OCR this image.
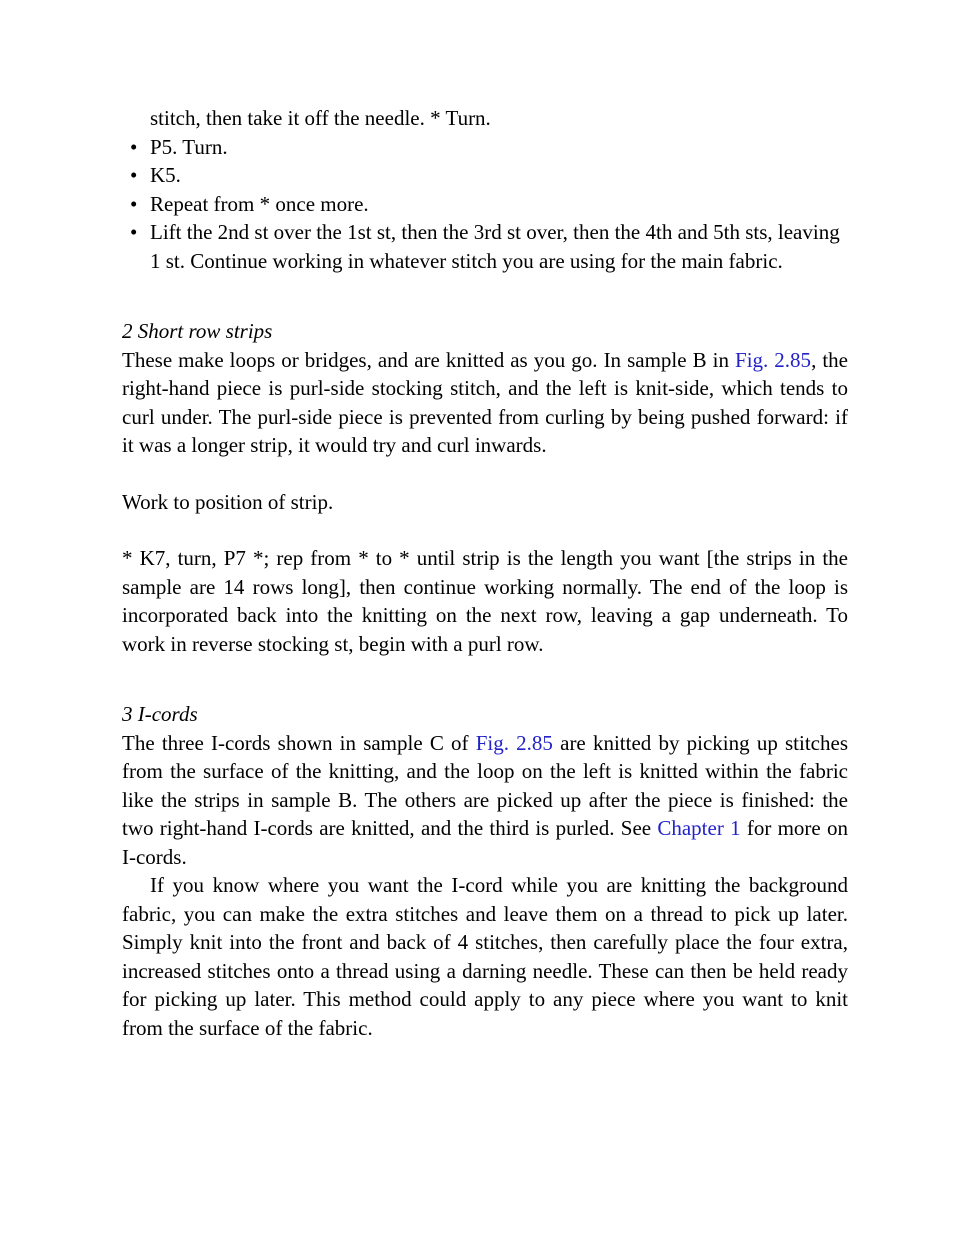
stitch, then take it off the needle. * Turn.

• P5. Turn.
• K5.
• Repeat from * once more.
• Lift the 2nd st over the 1st st, then the 3rd st over, then the 4th and 5th sts, leaving 1 st. Continue working in whatever stitch you are using for the main fabric.
2 Short row strips

These make loops or bridges, and are knitted as you go. In sample B in Fig. 2.85, the right-hand piece is purl-side stocking stitch, and the left is knit-side, which tends to curl under. The purl-side piece is prevented from curling by being pushed forward: if it was a longer strip, it would try and curl inwards.

Work to position of strip.

* K7, turn, P7 *; rep from * to * until strip is the length you want [the strips in the sample are 14 rows long], then continue working normally. The end of the loop is incorporated back into the knitting on the next row, leaving a gap underneath. To work in reverse stocking st, begin with a purl row.

3 I-cords

The three I-cords shown in sample C of Fig. 2.85 are knitted by picking up stitches from the surface of the knitting, and the loop on the left is knitted within the fabric like the strips in sample B. The others are picked up after the piece is finished: the two right-hand I-cords are knitted, and the third is purled. See Chapter 1 for more on I-cords.

If you know where you want the I-cord while you are knitting the background fabric, you can make the extra stitches and leave them on a thread to pick up later. Simply knit into the front and back of 4 stitches, then carefully place the four extra, increased stitches onto a thread using a darning needle. These can then be held ready for picking up later. This method could apply to any piece where you want to knit from the surface of the fabric.
